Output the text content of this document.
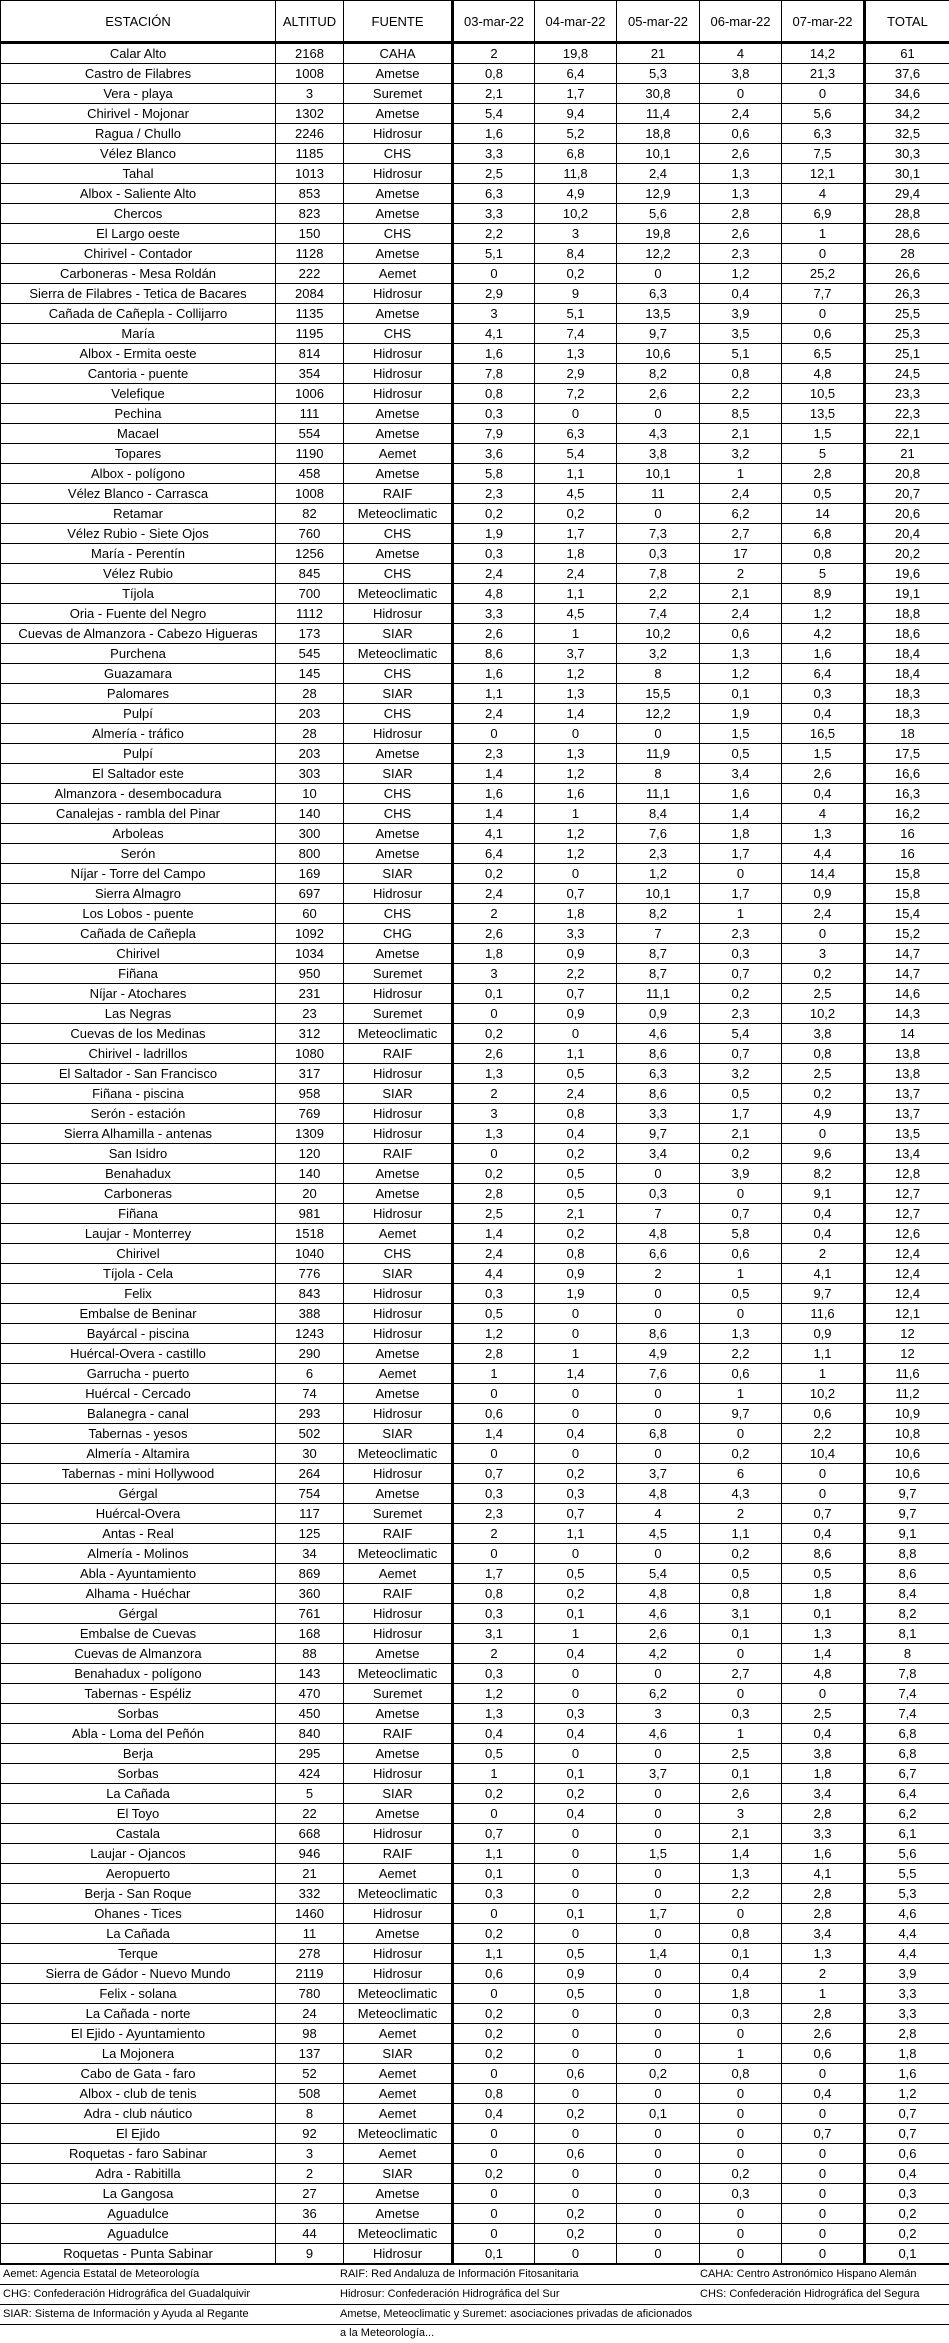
ESTACIÓN	ALTITUD	FUENTE	03-mar-22	04-mar-22	05-mar-22	06-mar-22	07-mar-22	TOTAL
Calar Alto	2168	CAHA	2	19,8	21	4	14,2	61
Castro de Filabres	1008	Ametse	0,8	6,4	5,3	3,8	21,3	37,6
Vera - playa	3	Suremet	2,1	1,7	30,8	0	0	34,6
Chirivel - Mojonar	1302	Ametse	5,4	9,4	11,4	2,4	5,6	34,2
Ragua / Chullo	2246	Hidrosur	1,6	5,2	18,8	0,6	6,3	32,5
Vélez Blanco	1185	CHS	3,3	6,8	10,1	2,6	7,5	30,3
Tahal	1013	Hidrosur	2,5	11,8	2,4	1,3	12,1	30,1
Albox - Saliente Alto	853	Ametse	6,3	4,9	12,9	1,3	4	29,4
Chercos	823	Ametse	3,3	10,2	5,6	2,8	6,9	28,8
El Largo oeste	150	CHS	2,2	3	19,8	2,6	1	28,6
Chirivel - Contador	1128	Ametse	5,1	8,4	12,2	2,3	0	28
Carboneras - Mesa Roldán	222	Aemet	0	0,2	0	1,2	25,2	26,6
Sierra de Filabres - Tetica de Bacares	2084	Hidrosur	2,9	9	6,3	0,4	7,7	26,3
Cañada de Cañepla - Collijarro	1135	Ametse	3	5,1	13,5	3,9	0	25,5
María	1195	CHS	4,1	7,4	9,7	3,5	0,6	25,3
Albox - Ermita oeste	814	Hidrosur	1,6	1,3	10,6	5,1	6,5	25,1
Cantoria - puente	354	Hidrosur	7,8	2,9	8,2	0,8	4,8	24,5
Velefique	1006	Hidrosur	0,8	7,2	2,6	2,2	10,5	23,3
Pechina	111	Ametse	0,3	0	0	8,5	13,5	22,3
Macael	554	Ametse	7,9	6,3	4,3	2,1	1,5	22,1
Topares	1190	Aemet	3,6	5,4	3,8	3,2	5	21
Albox - polígono	458	Ametse	5,8	1,1	10,1	1	2,8	20,8
Vélez Blanco - Carrasca	1008	RAIF	2,3	4,5	11	2,4	0,5	20,7
Retamar	82	Meteoclimatic	0,2	0,2	0	6,2	14	20,6
Vélez Rubio - Siete Ojos	760	CHS	1,9	1,7	7,3	2,7	6,8	20,4
María - Perentín	1256	Ametse	0,3	1,8	0,3	17	0,8	20,2
Vélez Rubio	845	CHS	2,4	2,4	7,8	2	5	19,6
Tíjola	700	Meteoclimatic	4,8	1,1	2,2	2,1	8,9	19,1
Oria - Fuente del Negro	1112	Hidrosur	3,3	4,5	7,4	2,4	1,2	18,8
Cuevas de Almanzora - Cabezo Higueras	173	SIAR	2,6	1	10,2	0,6	4,2	18,6
Purchena	545	Meteoclimatic	8,6	3,7	3,2	1,3	1,6	18,4
Guazamara	145	CHS	1,6	1,2	8	1,2	6,4	18,4
Palomares	28	SIAR	1,1	1,3	15,5	0,1	0,3	18,3
Pulpí	203	CHS	2,4	1,4	12,2	1,9	0,4	18,3
Almería - tráfico	28	Hidrosur	0	0	0	1,5	16,5	18
Pulpí	203	Ametse	2,3	1,3	11,9	0,5	1,5	17,5
El Saltador este	303	SIAR	1,4	1,2	8	3,4	2,6	16,6
Almanzora - desembocadura	10	CHS	1,6	1,6	11,1	1,6	0,4	16,3
Canalejas - rambla del Pinar	140	CHS	1,4	1	8,4	1,4	4	16,2
Arboleas	300	Ametse	4,1	1,2	7,6	1,8	1,3	16
Serón	800	Ametse	6,4	1,2	2,3	1,7	4,4	16
Níjar - Torre del Campo	169	SIAR	0,2	0	1,2	0	14,4	15,8
Sierra Almagro	697	Hidrosur	2,4	0,7	10,1	1,7	0,9	15,8
Los Lobos - puente	60	CHS	2	1,8	8,2	1	2,4	15,4
Cañada de Cañepla	1092	CHG	2,6	3,3	7	2,3	0	15,2
Chirivel	1034	Ametse	1,8	0,9	8,7	0,3	3	14,7
Fiñana	950	Suremet	3	2,2	8,7	0,7	0,2	14,7
Níjar - Atochares	231	Hidrosur	0,1	0,7	11,1	0,2	2,5	14,6
Las Negras	23	Suremet	0	0,9	0,9	2,3	10,2	14,3
Cuevas de los Medinas	312	Meteoclimatic	0,2	0	4,6	5,4	3,8	14
Chirivel - ladrillos	1080	RAIF	2,6	1,1	8,6	0,7	0,8	13,8
El Saltador - San Francisco	317	Hidrosur	1,3	0,5	6,3	3,2	2,5	13,8
Fiñana - piscina	958	SIAR	2	2,4	8,6	0,5	0,2	13,7
Serón - estación	769	Hidrosur	3	0,8	3,3	1,7	4,9	13,7
Sierra Alhamilla - antenas	1309	Hidrosur	1,3	0,4	9,7	2,1	0	13,5
San Isidro	120	RAIF	0	0,2	3,4	0,2	9,6	13,4
Benahadux	140	Ametse	0,2	0,5	0	3,9	8,2	12,8
Carboneras	20	Ametse	2,8	0,5	0,3	0	9,1	12,7
Fiñana	981	Hidrosur	2,5	2,1	7	0,7	0,4	12,7
Laujar - Monterrey	1518	Aemet	1,4	0,2	4,8	5,8	0,4	12,6
Chirivel	1040	CHS	2,4	0,8	6,6	0,6	2	12,4
Tíjola - Cela	776	SIAR	4,4	0,9	2	1	4,1	12,4
Felix	843	Hidrosur	0,3	1,9	0	0,5	9,7	12,4
Embalse de Beninar	388	Hidrosur	0,5	0	0	0	11,6	12,1
Bayárcal - piscina	1243	Hidrosur	1,2	0	8,6	1,3	0,9	12
Huércal-Overa - castillo	290	Ametse	2,8	1	4,9	2,2	1,1	12
Garrucha - puerto	6	Aemet	1	1,4	7,6	0,6	1	11,6
Huércal - Cercado	74	Ametse	0	0	0	1	10,2	11,2
Balanegra - canal	293	Hidrosur	0,6	0	0	9,7	0,6	10,9
Tabernas - yesos	502	SIAR	1,4	0,4	6,8	0	2,2	10,8
Almería - Altamira	30	Meteoclimatic	0	0	0	0,2	10,4	10,6
Tabernas - mini Hollywood	264	Hidrosur	0,7	0,2	3,7	6	0	10,6
Gérgal	754	Ametse	0,3	0,3	4,8	4,3	0	9,7
Huércal-Overa	117	Suremet	2,3	0,7	4	2	0,7	9,7
Antas - Real	125	RAIF	2	1,1	4,5	1,1	0,4	9,1
Almería - Molinos	34	Meteoclimatic	0	0	0	0,2	8,6	8,8
Abla - Ayuntamiento	869	Aemet	1,7	0,5	5,4	0,5	0,5	8,6
Alhama - Huéchar	360	RAIF	0,8	0,2	4,8	0,8	1,8	8,4
Gérgal	761	Hidrosur	0,3	0,1	4,6	3,1	0,1	8,2
Embalse de Cuevas	168	Hidrosur	3,1	1	2,6	0,1	1,3	8,1
Cuevas de Almanzora	88	Ametse	2	0,4	4,2	0	1,4	8
Benahadux - polígono	143	Meteoclimatic	0,3	0	0	2,7	4,8	7,8
Tabernas - Espéliz	470	Suremet	1,2	0	6,2	0	0	7,4
Sorbas	450	Ametse	1,3	0,3	3	0,3	2,5	7,4
Abla - Loma del Peñón	840	RAIF	0,4	0,4	4,6	1	0,4	6,8
Berja	295	Ametse	0,5	0	0	2,5	3,8	6,8
Sorbas	424	Hidrosur	1	0,1	3,7	0,1	1,8	6,7
La Cañada	5	SIAR	0,2	0,2	0	2,6	3,4	6,4
El Toyo	22	Ametse	0	0,4	0	3	2,8	6,2
Castala	668	Hidrosur	0,7	0	0	2,1	3,3	6,1
Laujar - Ojancos	946	RAIF	1,1	0	1,5	1,4	1,6	5,6
Aeropuerto	21	Aemet	0,1	0	0	1,3	4,1	5,5
Berja - San Roque	332	Meteoclimatic	0,3	0	0	2,2	2,8	5,3
Ohanes - Tices	1460	Hidrosur	0	0,1	1,7	0	2,8	4,6
La Cañada	11	Ametse	0,2	0	0	0,8	3,4	4,4
Terque	278	Hidrosur	1,1	0,5	1,4	0,1	1,3	4,4
Sierra de Gádor - Nuevo Mundo	2119	Hidrosur	0,6	0,9	0	0,4	2	3,9
Felix - solana	780	Meteoclimatic	0	0,5	0	1,8	1	3,3
La Cañada - norte	24	Meteoclimatic	0,2	0	0	0,3	2,8	3,3
El Ejido - Ayuntamiento	98	Aemet	0,2	0	0	0	2,6	2,8
La Mojonera	137	SIAR	0,2	0	0	1	0,6	1,8
Cabo de Gata - faro	52	Aemet	0	0,6	0,2	0,8	0	1,6
Albox - club de tenis	508	Aemet	0,8	0	0	0	0,4	1,2
Adra - club náutico	8	Aemet	0,4	0,2	0,1	0	0	0,7
El Ejido	92	Meteoclimatic	0	0	0	0	0,7	0,7
Roquetas - faro Sabinar	3	Aemet	0	0,6	0	0	0	0,6
Adra - Rabitilla	2	SIAR	0,2	0	0	0,2	0	0,4
La Gangosa	27	Ametse	0	0	0	0,3	0	0,3
Aguadulce	36	Ametse	0	0,2	0	0	0	0,2
Aguadulce	44	Meteoclimatic	0	0,2	0	0	0	0,2
Roquetas - Punta Sabinar	9	Hidrosur	0,1	0	0	0	0	0,1
Aemet: Agencia Estatal de Meteorología	RAIF: Red Andaluza de Información Fitosanitaria	CAHA: Centro Astronómico Hispano Alemán
CHG: Confederación Hidrográfica del Guadalquivir	Hidrosur: Confederación Hidrográfica del Sur	CHS: Confederación Hidrográfica del Segura
SIAR: Sistema de Información y Ayuda al Regante	Ametse, Meteoclimatic y Suremet: asociaciones privadas de aficionados a la Meteorología...
